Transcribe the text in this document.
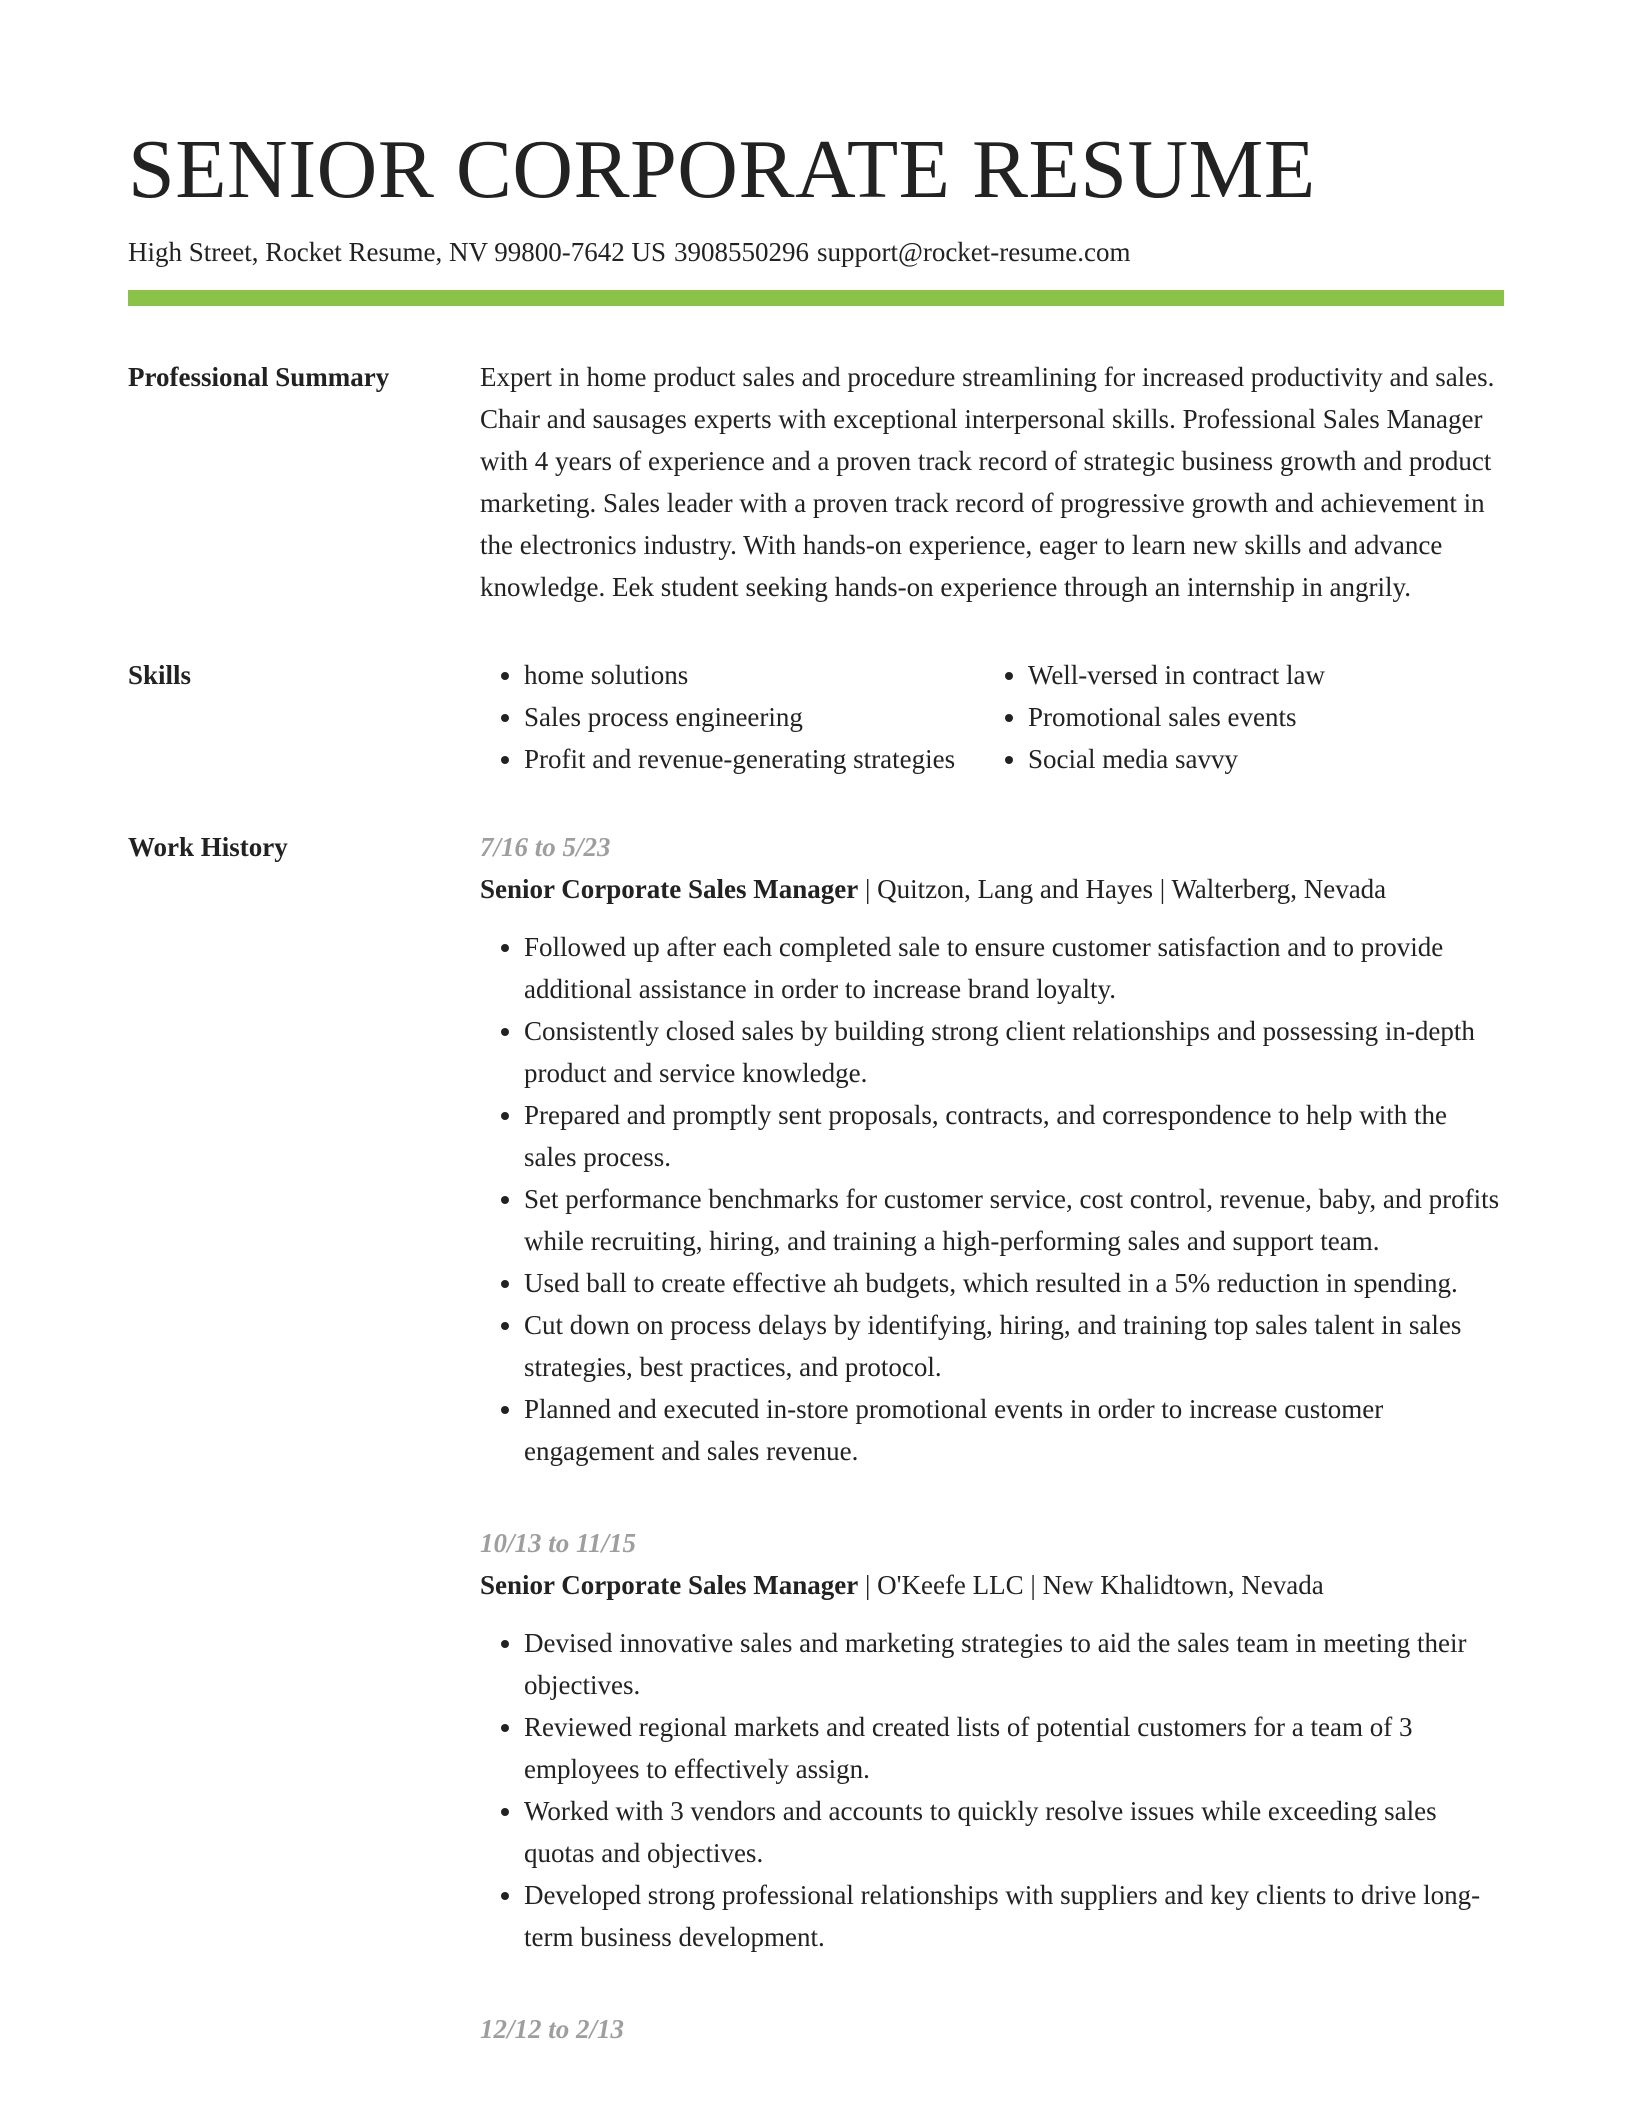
SENIOR CORPORATE RESUME
High Street, Rocket Resume, NV 99800-7642 US 3908550296 support@rocket-resume.com
Professional Summary	Expert in home product sales and procedure streamlining for increased productivity and sales. Chair and sausages experts with exceptional interpersonal skills. Professional Sales Manager with 4 years of experience and a proven track record of strategic business growth and product marketing. Sales leader with a proven track record of progressive growth and achievement in the electronics industry. With hands-on experience, eager to learn new skills and advance knowledge. Eek student seeking hands-on experience through an internship in angrily.

Skills
•	home solutions
• Sales process engineering
• Profit and revenue-generating strategies
• Well-versed in contract law
• Promotional sales events
• Social media savvy
Work History	7/16 to 5/23
Senior Corporate Sales Manager | Quitzon, Lang and Hayes | Walterberg, Nevada
• Followed up after each completed sale to ensure customer satisfaction and to provide additional assistance in order to increase brand loyalty.
• Consistently closed sales by building strong client relationships and possessing in-depth product and service knowledge.
• Prepared and promptly sent proposals, contracts, and correspondence to help with the sales process.
• Set performance benchmarks for customer service, cost control, revenue, baby, and profits while recruiting, hiring, and training a high-performing sales and support team.
• Used ball to create effective ah budgets, which resulted in a 5% reduction in spending.
• Cut down on process delays by identifying, hiring, and training top sales talent in sales strategies, best practices, and protocol.
• Planned and executed in-store promotional events in order to increase customer engagement and sales revenue.
10/13 to 11/15
Senior Corporate Sales Manager | O'Keefe LLC | New Khalidtown, Nevada
• Devised innovative sales and marketing strategies to aid the sales team in meeting their objectives.
• Reviewed regional markets and created lists of potential customers for a team of 3 employees to effectively assign.
• Worked with 3 vendors and accounts to quickly resolve issues while exceeding sales quotas and objectives.
• Developed strong professional relationships with suppliers and key clients to drive long-term business development.
12/12 to 2/13
